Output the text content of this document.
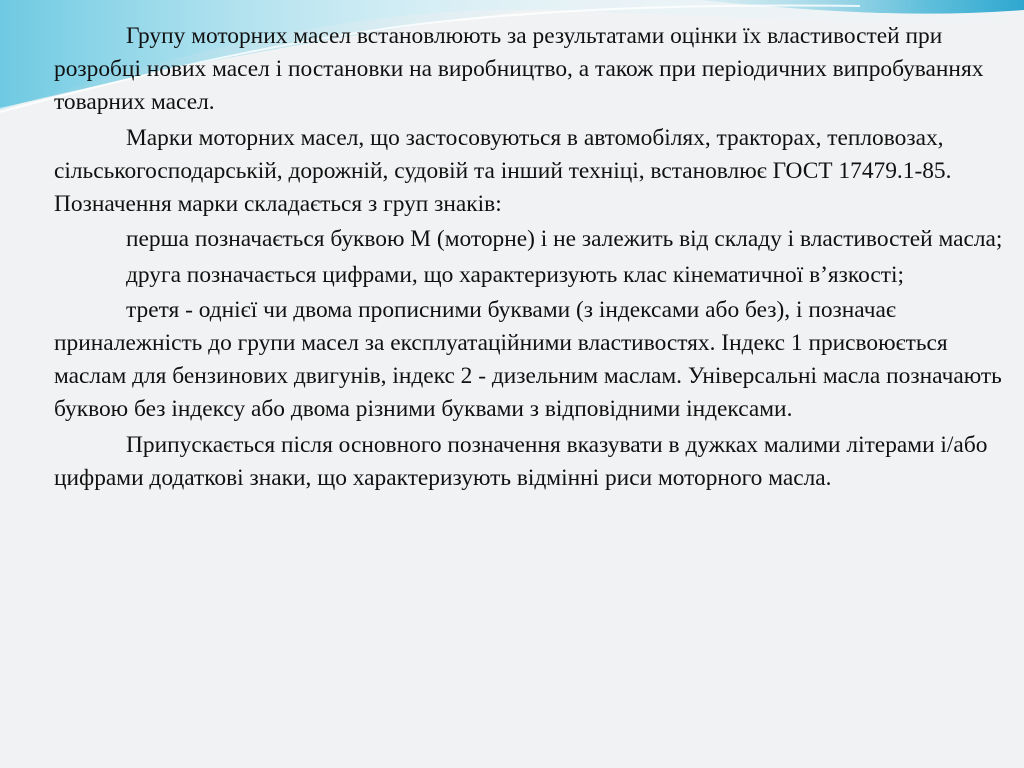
Групу моторних масел встановлюють за результатами оцінки їх властивостей при розробці нових масел і постановки на виробництво, а також при періодичних випробуваннях товарних масел.

Марки моторних масел, що застосовуються в автомобілях, тракторах, тепловозах, сільськогосподарській, дорожній, судовій та інший техніці, встановлює ГОСТ 17479.1-85. Позначення марки складається з груп знаків:

перша позначається буквою М (моторне) і не залежить від складу і властивостей масла;

друга позначається цифрами, що характеризують клас кінематичної в’язкості;

третя - однієї чи двома прописними буквами (з індексами або без), і позначає приналежність до групи масел за експлуатаційними властивостях. Індекс 1 присвоюється маслам для бензинових двигунів, індекс 2 - дизельним маслам. Універсальні масла позначають буквою без індексу або двома різними буквами з відповідними індексами.

Припускається після основного позначення вказувати в дужках малими літерами і/або цифрами додаткові знаки, що характеризують відмінні риси моторного масла.
